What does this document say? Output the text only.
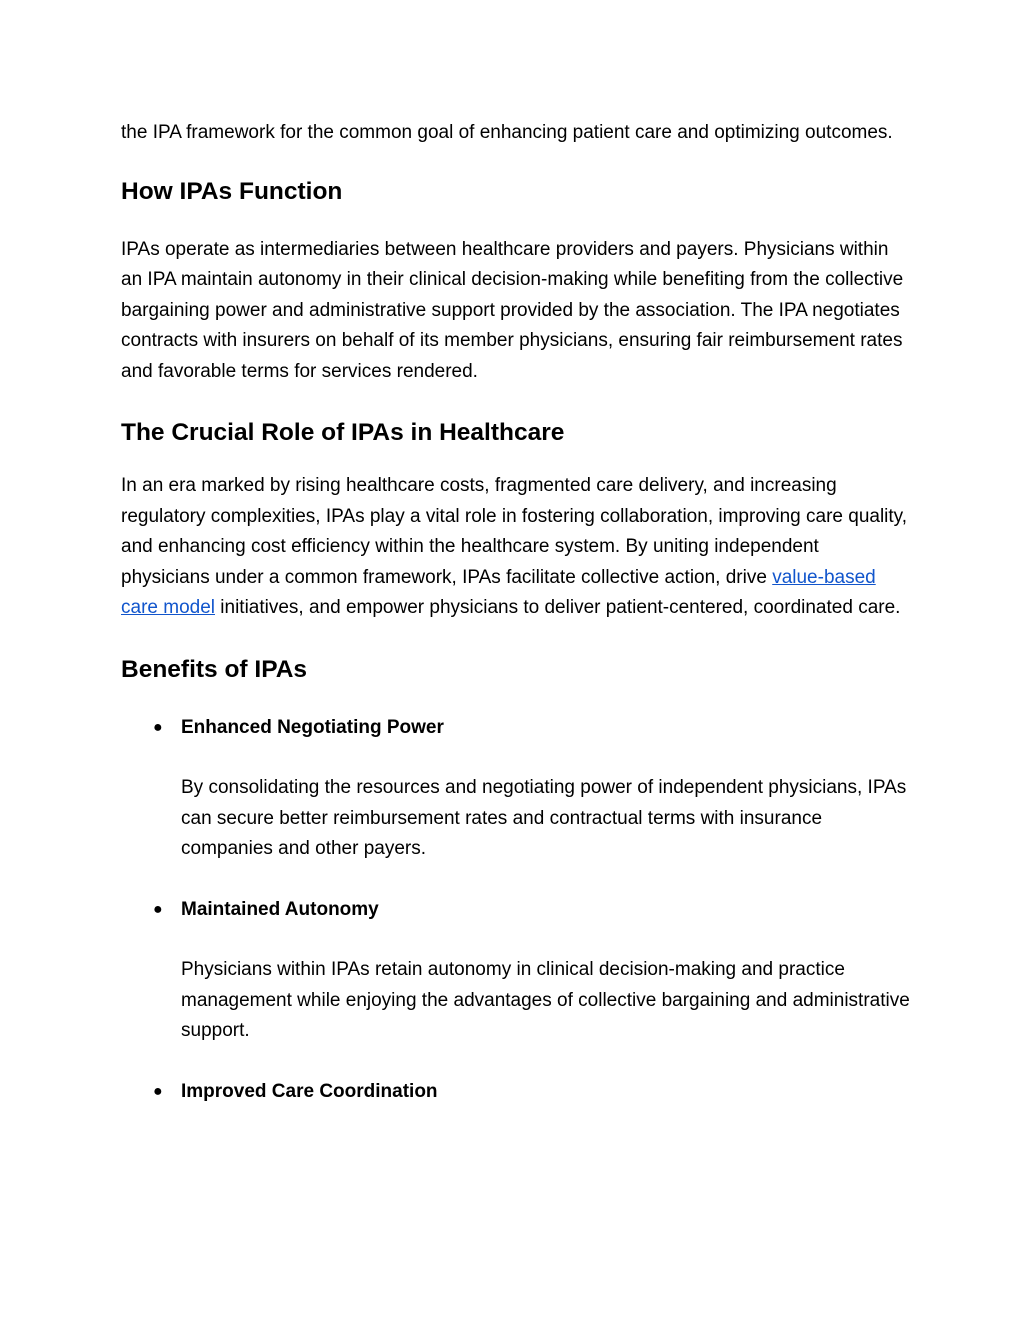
the IPA framework for the common goal of enhancing patient care and optimizing outcomes.

How IPAs Function

IPAs operate as intermediaries between healthcare providers and payers. Physicians within an IPA maintain autonomy in their clinical decision-making while benefiting from the collective bargaining power and administrative support provided by the association. The IPA negotiates contracts with insurers on behalf of its member physicians, ensuring fair reimbursement rates and favorable terms for services rendered.

The Crucial Role of IPAs in Healthcare

In an era marked by rising healthcare costs, fragmented care delivery, and increasing regulatory complexities, IPAs play a vital role in fostering collaboration, improving care quality, and enhancing cost efficiency within the healthcare system. By uniting independent physicians under a common framework, IPAs facilitate collective action, drive value-based care model initiatives, and empower physicians to deliver patient-centered, coordinated care.

Benefits of IPAs
● Enhanced Negotiating Power

By consolidating the resources and negotiating power of independent physicians, IPAs can secure better reimbursement rates and contractual terms with insurance companies and other payers.

● Maintained Autonomy

Physicians within IPAs retain autonomy in clinical decision-making and practice management while enjoying the advantages of collective bargaining and administrative support.

● Improved Care Coordination
